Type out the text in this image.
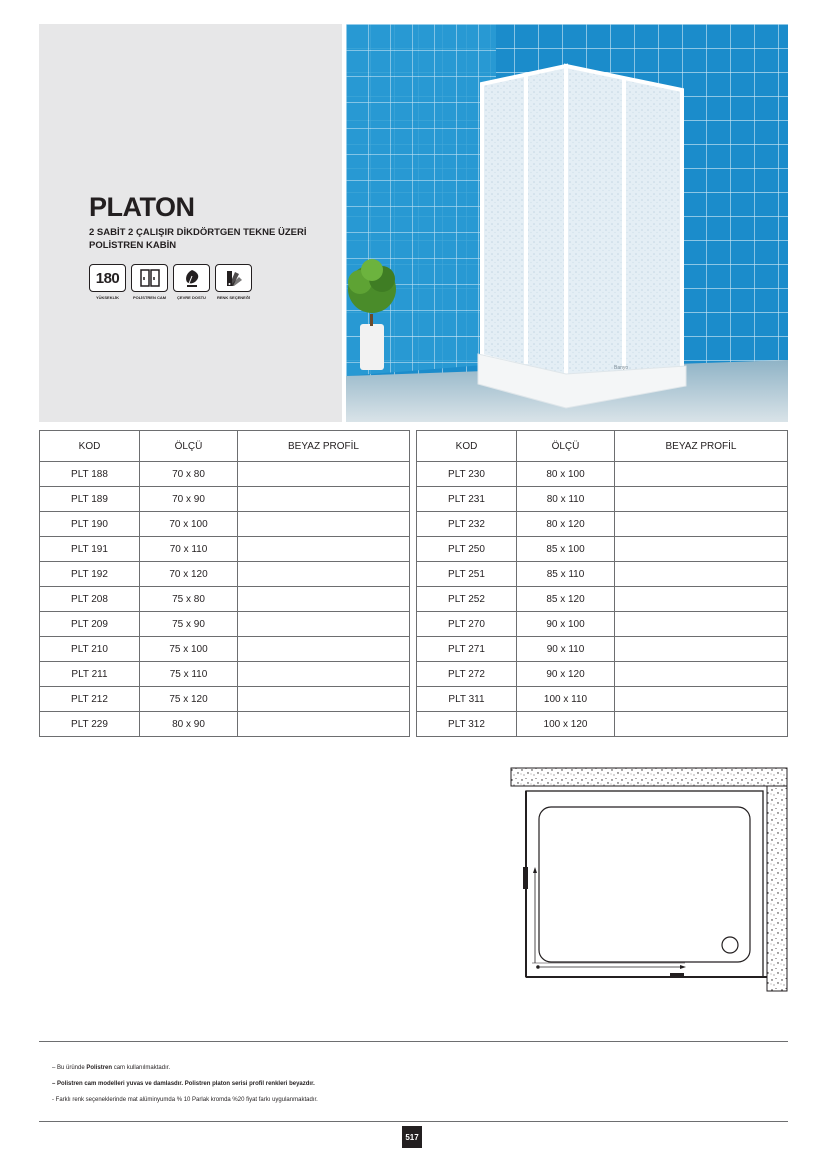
PLATON
2 SABİT 2 ÇALIŞIR DİKDÖRTGEN TEKNE ÜZERİ
POLİSTREN KABİN
180
YÜKSEKLİK	POLİSTREN CAM	ÇEVRE DOSTU	RENK SEÇENEĞİ
Banyo
KOD	ÖLÇÜ	BEYAZ PROFİL
PLT 188	70 x 80	
PLT 189	70 x 90	
PLT 190	70 x 100	
PLT 191	70 x 110	
PLT 192	70 x 120	
PLT 208	75 x 80	
PLT 209	75 x 90	
PLT 210	75 x 100	
PLT 211	75 x 110	
PLT 212	75 x 120	
PLT 229	80 x 90	
KOD	ÖLÇÜ	BEYAZ PROFİL
PLT 230	80 x 100	
PLT 231	80 x 110	
PLT 232	80 x 120	
PLT 250	85 x 100	
PLT 251	85 x 110	
PLT 252	85 x 120	
PLT 270	90 x 100	
PLT 271	90 x 110	
PLT 272	90 x 120	
PLT 311	100 x 110	
PLT 312	100 x 120	
– Bu üründe Polistren cam kullanılmaktadır.
– Polistren cam modelleri yuvas ve damlasdır. Polistren platon serisi profil renkleri beyazdır.
- Farklı renk seçeneklerinde mat alüminyumda % 10 Parlak kromda %20 fiyat farkı uygulanmaktadır.
517
